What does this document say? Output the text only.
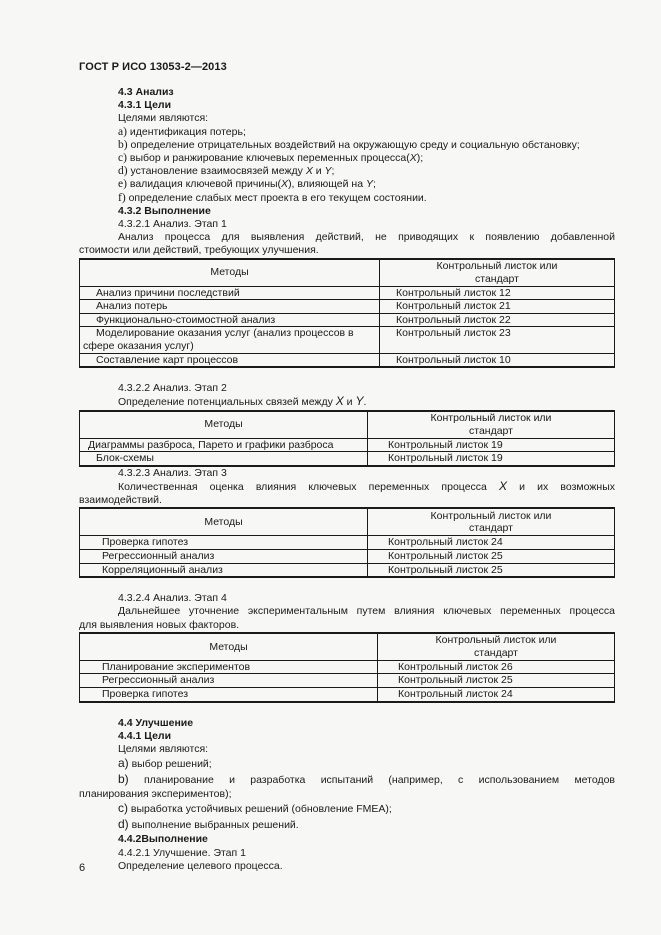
ГОСТ Р ИСО 13053-2—2013
4.3 Анализ
4.3.1 Цели
Целями являются:
a) идентификация потерь;
b) определение отрицательных воздействий на окружающую среду и социальную обстановку;
c) выбор и ранжирование ключевых переменных процесса(X);
d) установление взаимосвязей между X и Y;
e) валидация ключевой причины(X), влияющей на Y;
f) определение слабых мест проекта в его текущем состоянии.
4.3.2 Выполнение
4.3.2.1 Анализ. Этап 1
Анализ процесса для выявления действий, не приводящих к появлению добавленной
стоимости или действий, требующих улучшения.
Методы	Контрольный листок или
стандарт
Анализ причини последствий	Контрольный листок 12
Анализ потерь	Контрольный листок 21
Функционально-стоимостной анализ	Контрольный листок 22
Моделирование оказания услуг (анализ процессов в
сфере оказания услуг)	Контрольный листок 23
Составление карт процессов	Контрольный листок 10
4.3.2.2 Анализ. Этап 2
Определение потенциальных связей между X и Y.
Методы	Контрольный листок или
стандарт
Диаграммы разброса, Парето и графики разброса	Контрольный листок 19
Блок-схемы	Контрольный листок 19
4.3.2.3 Анализ. Этап 3
Количественная оценка влияния ключевых переменных процесса X и их возможных
взаимодействий.
Методы	Контрольный листок или
стандарт
Проверка гипотез	Контрольный листок 24
Регрессионный анализ	Контрольный листок 25
Корреляционный анализ	Контрольный листок 25
4.3.2.4 Анализ. Этап 4
Дальнейшее уточнение экспериментальным путем влияния ключевых переменных процесса
для выявления новых факторов.
Методы	Контрольный листок или
стандарт
Планирование экспериментов	Контрольный листок 26
Регрессионный анализ	Контрольный листок 25
Проверка гипотез	Контрольный листок 24
4.4 Улучшение
4.4.1 Цели
Целями являются:
a) выбор решений;
b) планирование и разработка испытаний (например, с использованием методов
планирования экспериментов);
c) выработка устойчивых решений (обновление FMEA);
d) выполнение выбранных решений.
4.4.2Выполнение
4.4.2.1 Улучшение. Этап 1
Определение целевого процесса.
6
